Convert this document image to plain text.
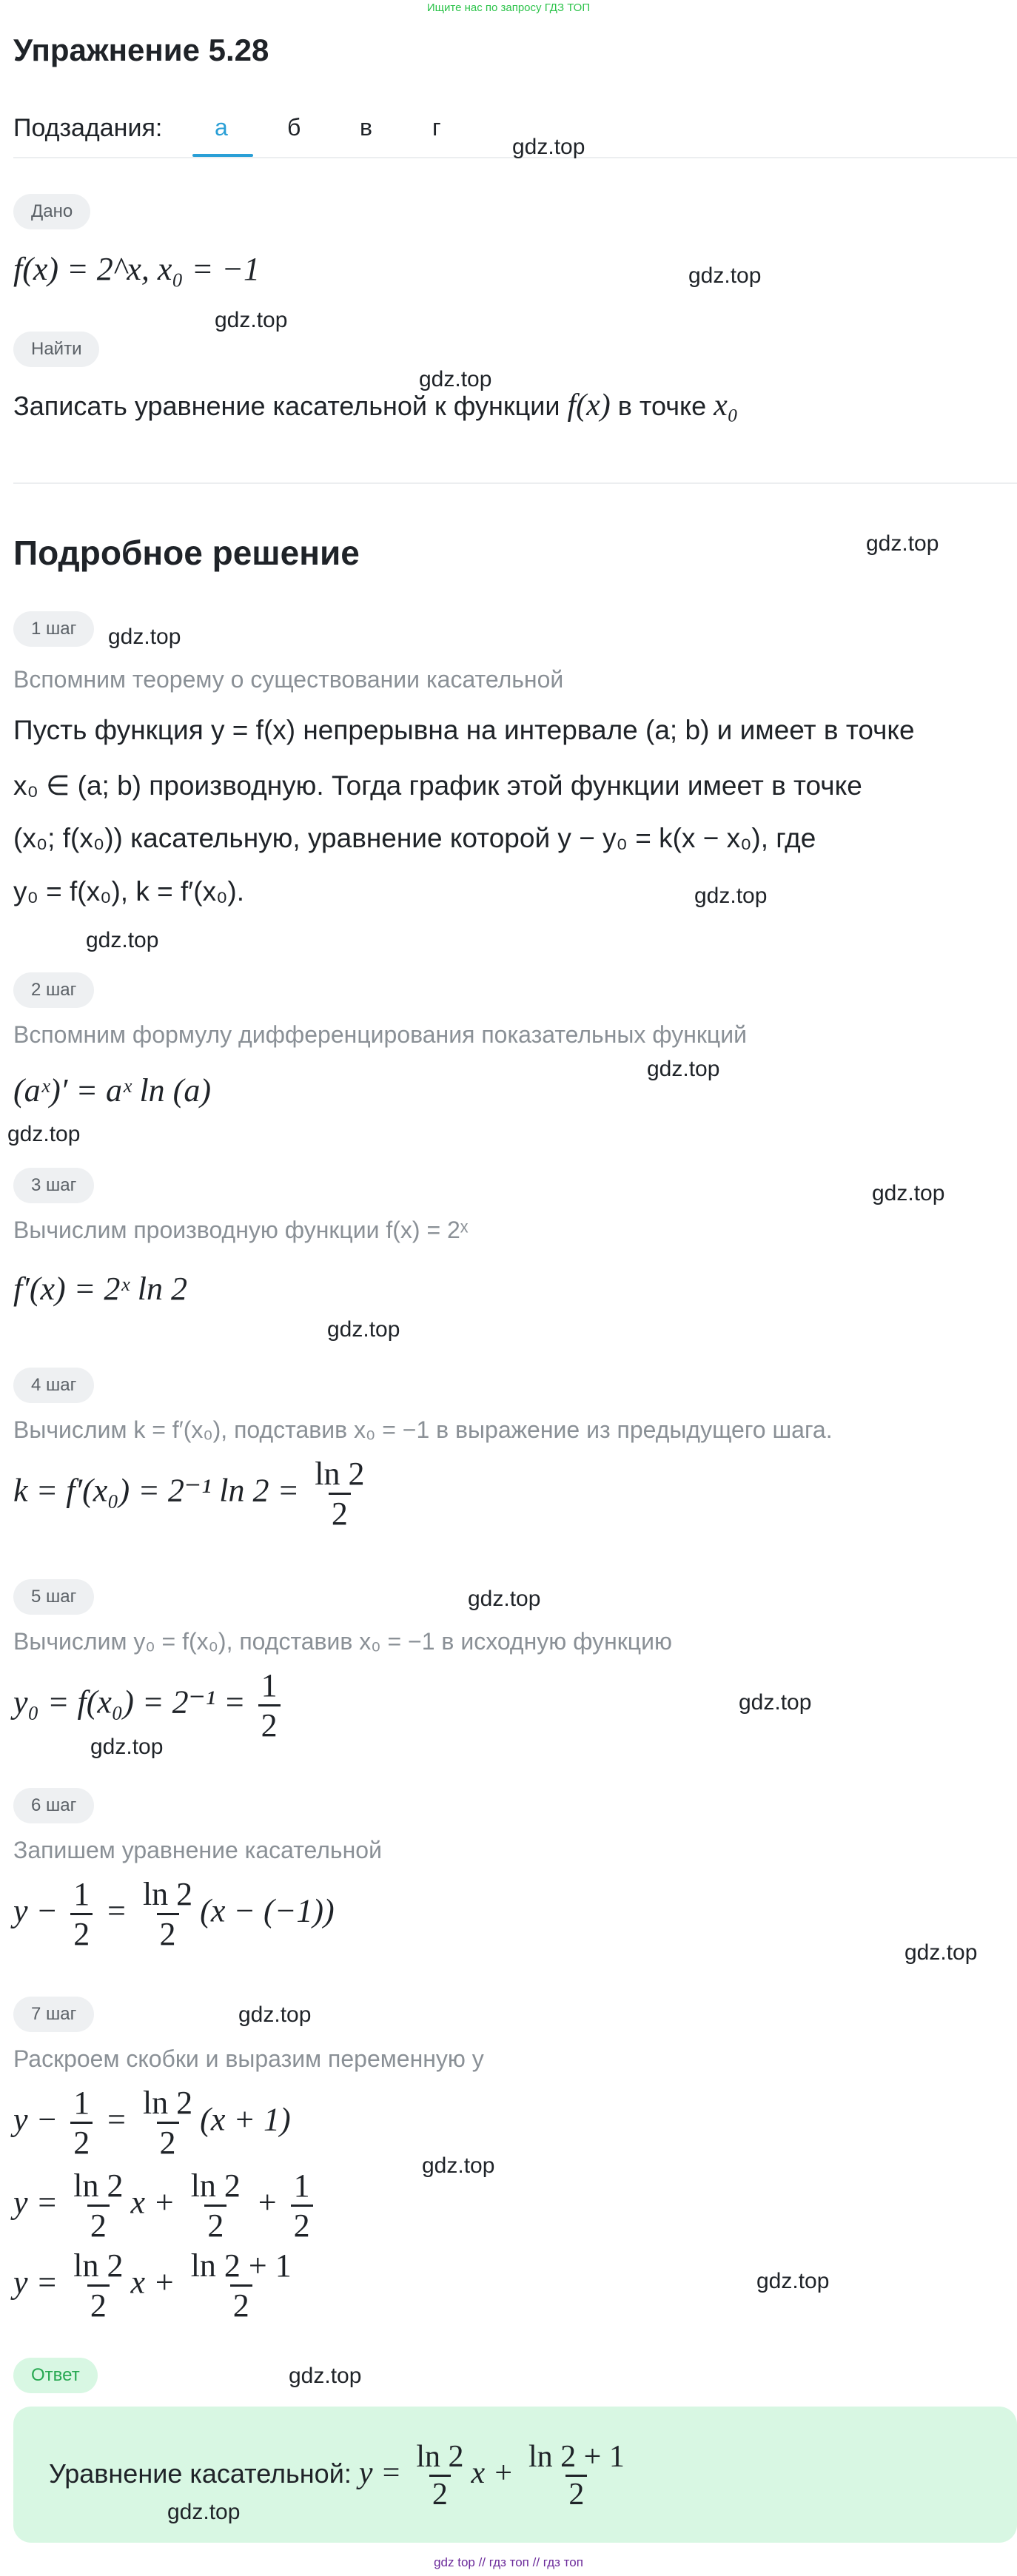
Ищите нас по запросу ГДЗ ТОП
Упражнение 5.28
Подзадания: а	б в	г
Дано
f(x) = 2^x, x₀ = −1
Найти
Записать уравнение касательной к функции f(x) в точке x₀
Подробное решение
1 шаг
Вспомним теорему о существовании касательной
Пусть функция y = f(x) непрерывна на интервале (a; b) и имеет в точке
x₀ ∈ (a; b) производную. Тогда график этой функции имеет в точке
(x₀; f(x₀)) касательную, уравнение которой y − y₀ = k(x − x₀), где
y₀ = f(x₀), k = f′(x₀).
2 шаг
Вспомним формулу дифференцирования показательных функций
(aˣ)′ = aˣ ln (a)
3 шаг
Вычислим производную функции f(x) = 2ˣ
f′(x) = 2ˣ ln 2
4 шаг
Вычислим k = f′(x₀), подставив x₀ = −1 в выражение из предыдущего шага.
k = f′(x₀) = 2⁻¹ $\ln 2 = \frac{\ln 2}{2}$
5 шаг
Вычислим y₀ = f(x₀), подставив x₀ = −1 в исходную функцию
$y_0 = f(x_0) = 2^{-1} = \frac{1}{2}$
6 шаг
Запишем уравнение касательной
$y - \frac{1}{2} = \frac{\ln 2}{2} (x - (-1))$
7 шаг
Раскроем скобки и выразим переменную y
$y - \frac{1}{2} = \frac{\ln 2}{2} (x + 1)$
$y = \frac{\ln 2}{2}$ $x + \frac{\ln 2}{2} + \frac{1}{2}$
$y = \frac{\ln 2}{2}$ $x + \frac{\ln 2 + 1}{2}$
Ответ
Уравнение касательной: $y = \frac{\ln 2}{2}$ $x + \frac{\ln 2 + 1}{2}$
gdz.top
gdz.top
gdz.top
gdz.top
gdz.top
gdz.top
gdz.top
gdz.top
gdz.top
gdz.top
gdz.top
gdz.top
gdz.top
gdz.top
gdz.top
gdz.top
gdz.top
gdz.top
gdz.top
gdz.top
gdz.top
gdz top // гдз топ // гдз топ
